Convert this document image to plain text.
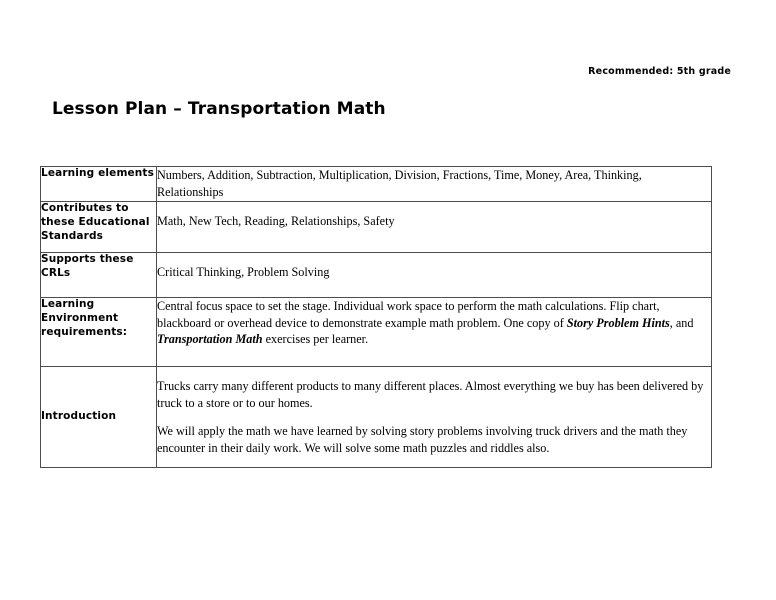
Recommended: 5th grade
Lesson Plan – Transportation Math
Learning elements	Numbers, Addition, Subtraction, Multiplication, Division, Fractions, Time, Money, Area, Thinking, Relationships
Contributes to these Educational Standards	Math, New Tech, Reading, Relationships, Safety
Supports these CRLs	Critical Thinking, Problem Solving
Learning Environment requirements:	Central focus space to set the stage. Individual work space to perform the math calculations. Flip chart, blackboard or overhead device to demonstrate example math problem. One copy of Story Problem Hints, and Transportation Math exercises per learner.

Introduction	Trucks carry many different products to many different places. Almost everything we buy has been delivered by truck to a store or to our homes.

We will apply the math we have learned by solving story problems involving truck drivers and the math they encounter in their daily work. We will solve some math puzzles and riddles also.
